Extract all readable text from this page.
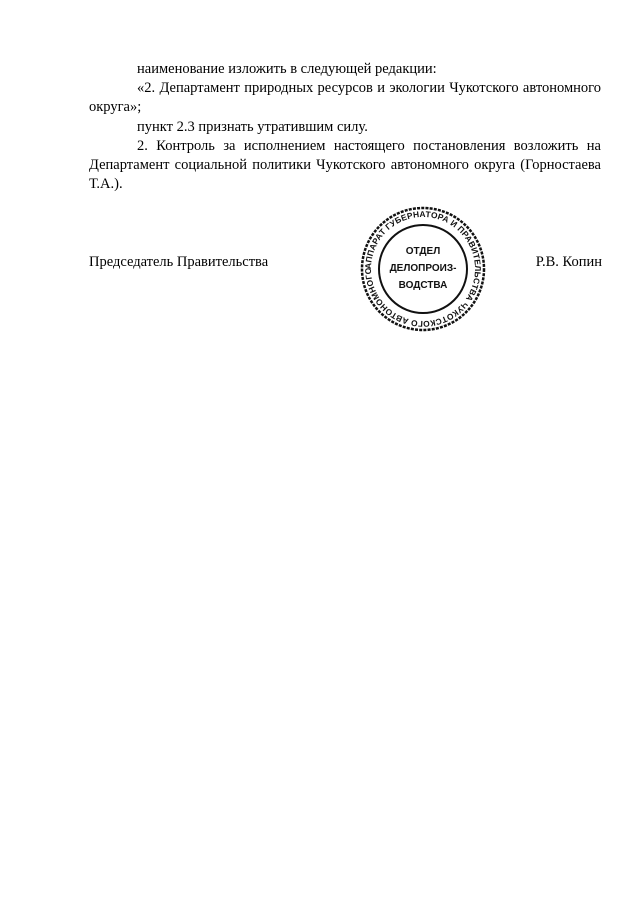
наименование изложить в следующей редакции:

«2. Департамент природных ресурсов и экологии Чукотского автономного округа»;

пункт 2.3 признать утратившим силу.

2. Контроль за исполнением настоящего постановления возложить на Департамент социальной политики Чукотского автономного округа (Горностаева Т.А.).

Председатель Правительства	Р.В. Копин
АППАРАТ ГУБЕРНАТОРА И ПРАВИТЕЛЬСТВА ЧУКОТСКОГО АВТОНОМНОГО
ОТДЕЛ
ДЕЛОПРОИЗ-
ВОДСТВА
